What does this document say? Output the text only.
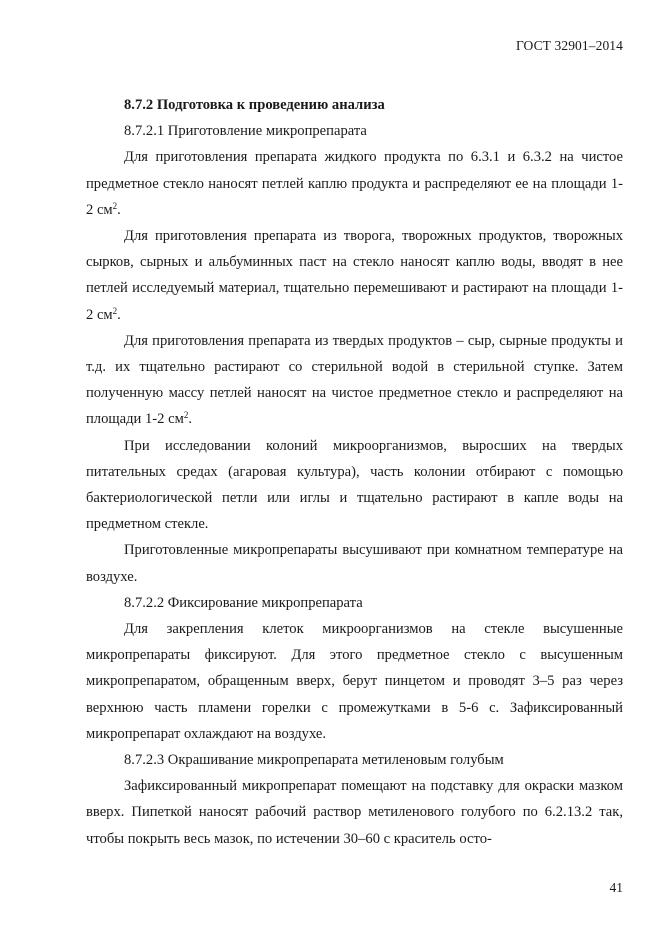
ГОСТ 32901–2014

8.7.2 Подготовка к проведению анализа

8.7.2.1 Приготовление микропрепарата

Для приготовления препарата жидкого продукта по 6.3.1 и 6.3.2 на чистое предметное стекло наносят петлей каплю продукта и распределяют ее на площади 1-2 $см^2$.

Для приготовления препарата из творога, творожных продуктов, творожных сырков, сырных и альбуминных паст на стекло наносят каплю воды, вводят в нее петлей исследуемый материал, тщательно перемешивают и растирают на площади 1-2 $см^2$.

Для приготовления препарата из твердых продуктов – сыр, сырные продукты и т.д. их тщательно растирают со стерильной водой в стерильной ступке. Затем полученную массу петлей наносят на чистое предметное стекло и распределяют на площади 1-2 $см^2$.

При исследовании колоний микроорганизмов, выросших на твердых питательных средах (агаровая культура), часть колонии отбирают с помощью бактериологической петли или иглы и тщательно растирают в капле воды на предметном стекле.

Приготовленные микропрепараты высушивают при комнатном температуре на воздухе.

8.7.2.2 Фиксирование микропрепарата

Для закрепления клеток микроорганизмов на стекле высушенные микропрепараты фиксируют. Для этого предметное стекло с высушенным микропрепаратом, обращенным вверх, берут пинцетом и проводят 3–5 раз через верхнюю часть пламени горелки с промежутками в 5-6 с. Зафиксированный микропрепарат охлаждают на воздухе.

8.7.2.3 Окрашивание микропрепарата метиленовым голубым

Зафиксированный микропрепарат помещают на подставку для окраски мазком вверх. Пипеткой наносят рабочий раствор метиленового голубого по 6.2.13.2 так, чтобы покрыть весь мазок, по истечении 30–60 с краситель осто-

41
